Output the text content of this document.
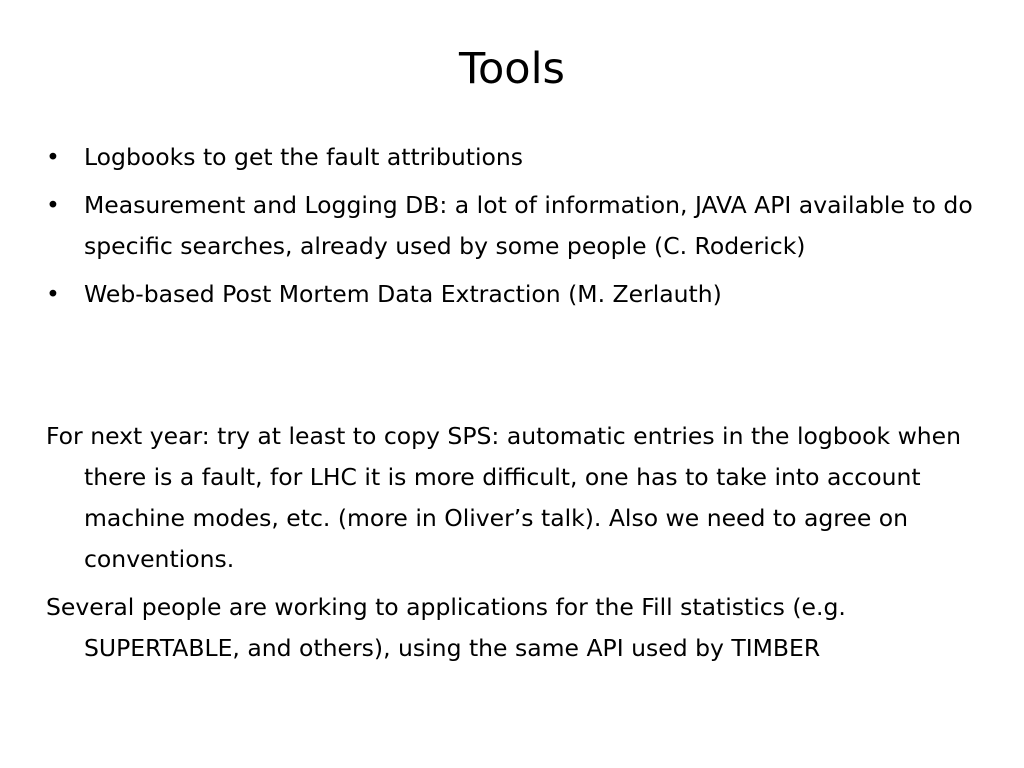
Tools
• Logbooks to get the fault attributions
• Measurement and Logging DB: a lot of information, JAVA API available to do specific searches, already used by some people (C. Roderick)
• Web-based Post Mortem Data Extraction (M. Zerlauth)

For next year: try at least to copy SPS: automatic entries in the logbook when there is a fault, for LHC it is more difficult, one has to take into account machine modes, etc. (more in Oliver’s talk). Also we need to agree on conventions.

Several people are working to applications for the Fill statistics (e.g. SUPERTABLE, and others), using the same API used by TIMBER
